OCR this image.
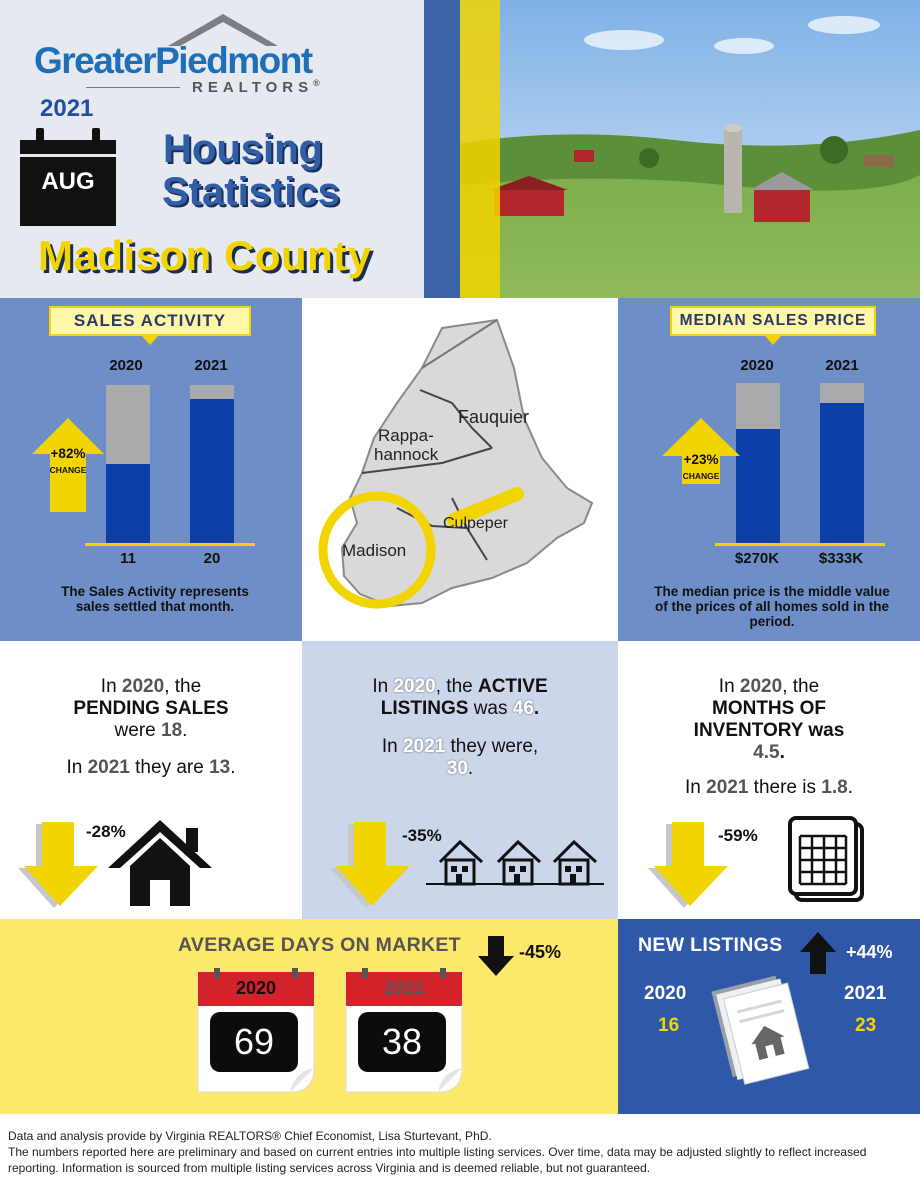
GreaterPiedmont
REALTORS®
2021
AUG
Housing
Statistics
Madison County
SALES ACTIVITY
2020	2021
11	20
+82%
CHANGE
The Sales Activity represents sales settled that month.
Fauquier
Rappa-
hannock
Culpeper
Madison
MEDIAN SALES PRICE
2020	2021
$270K	$333K
+23%
CHANGE
The median price is the middle value of the prices of all homes sold in the period.
In 2020, the
PENDING SALES
were 18.
In 2021 they are 13.
-28%
In 2020, the ACTIVE
LISTINGS was 46.
In 2021 they were,
30.
-35%
In 2020, the
MONTHS OF
INVENTORY was
4.5.
In 2021 there is 1.8.
-59%
AVERAGE DAYS ON MARKET
2020
69
2021
38
-45%	NEW LISTINGS	+44%
2020	2021
16	23
Data and analysis provide by Virginia REALTORS® Chief Economist, Lisa Sturtevant, PhD.
The numbers reported here are preliminary and based on current entries into multiple listing services. Over time, data may be adjusted slightly to reflect increased reporting. Information is sourced from multiple listing services across Virginia and is deemed reliable, but not guaranteed.
